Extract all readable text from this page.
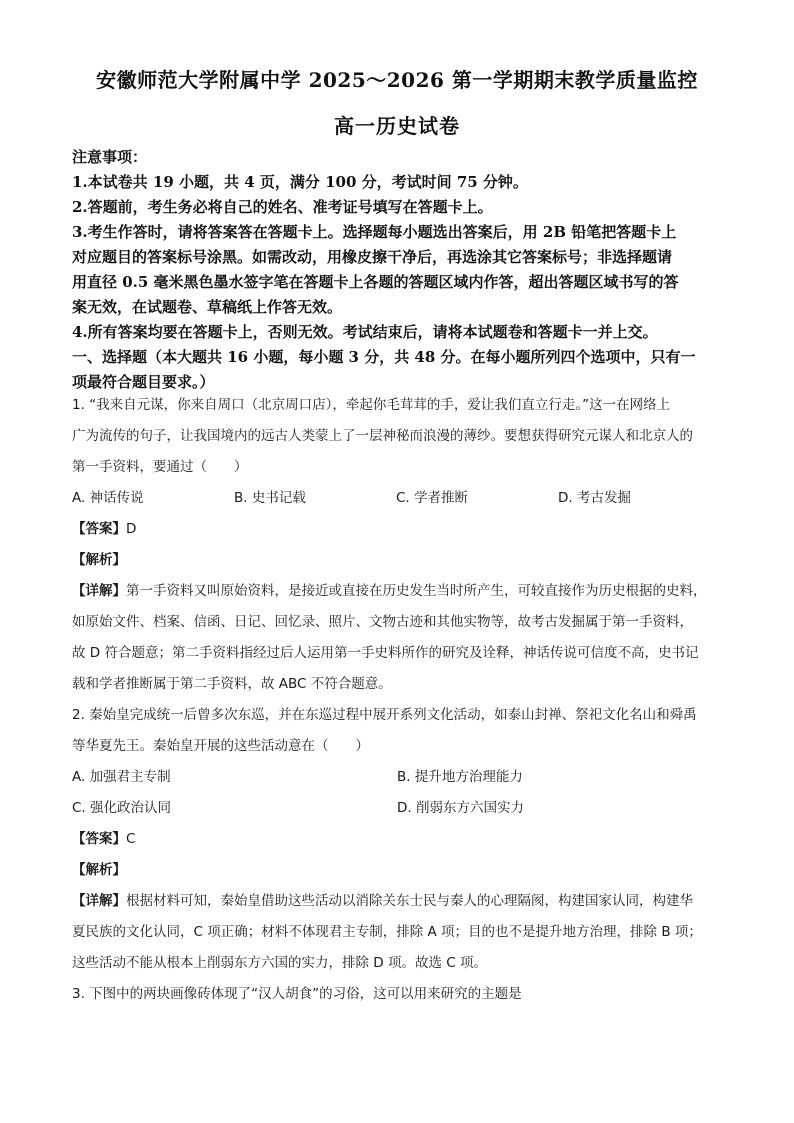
安徽师范大学附属中学 2025～2026 第一学期期末教学质量监控
高一历史试卷
注意事项：
1.本试卷共 19 小题，共 4 页，满分 100 分，考试时间 75 分钟。
2.答题前，考生务必将自己的姓名、准考证号填写在答题卡上。
3.考生作答时，请将答案答在答题卡上。选择题每小题选出答案后，用 2B 铅笔把答题卡上
对应题目的答案标号涂黑。如需改动，用橡皮擦干净后，再选涂其它答案标号；非选择题请
用直径 0.5 毫米黑色墨水签字笔在答题卡上各题的答题区域内作答，超出答题区域书写的答
案无效，在试题卷、草稿纸上作答无效。
4.所有答案均要在答题卡上，否则无效。考试结束后，请将本试题卷和答题卡一并上交。
一、选择题（本大题共 16 小题，每小题 3 分，共 48 分。在每小题所列四个选项中，只有一
项最符合题目要求。）
1. “我来自元谋，你来自周口（北京周口店），牵起你毛茸茸的手，爱让我们直立行走。”这一在网络上
广为流传的句子，让我国境内的远古人类蒙上了一层神秘而浪漫的薄纱。要想获得研究元谋人和北京人的
第一手资料，要通过（　　）
A. 神话传说	B. 史书记载	C. 学者推断	D. 考古发掘
【答案】D
【解析】
【详解】第一手资料又叫原始资料，是接近或直接在历史发生当时所产生，可较直接作为历史根据的史料，
如原始文件、档案、信函、日记、回忆录、照片、文物古迹和其他实物等，故考古发掘属于第一手资料，
故 D 符合题意；第二手资料指经过后人运用第一手史料所作的研究及诠释，神话传说可信度不高，史书记
载和学者推断属于第二手资料，故 ABC 不符合题意。
2. 秦始皇完成统一后曾多次东巡，并在东巡过程中展开系列文化活动，如泰山封禅、祭祀文化名山和舜禹
等华夏先王。秦始皇开展的这些活动意在（　　）
A. 加强君主专制	B. 提升地方治理能力
C. 强化政治认同	D. 削弱东方六国实力
【答案】C
【解析】
【详解】根据材料可知，秦始皇借助这些活动以消除关东士民与秦人的心理隔阂，构建国家认同，构建华
夏民族的文化认同，C 项正确；材料不体现君主专制，排除 A 项；目的也不是提升地方治理，排除 B 项；
这些活动不能从根本上削弱东方六国的实力，排除 D 项。故选 C 项。
3. 下图中的两块画像砖体现了“汉人胡食”的习俗，这可以用来研究的主题是
